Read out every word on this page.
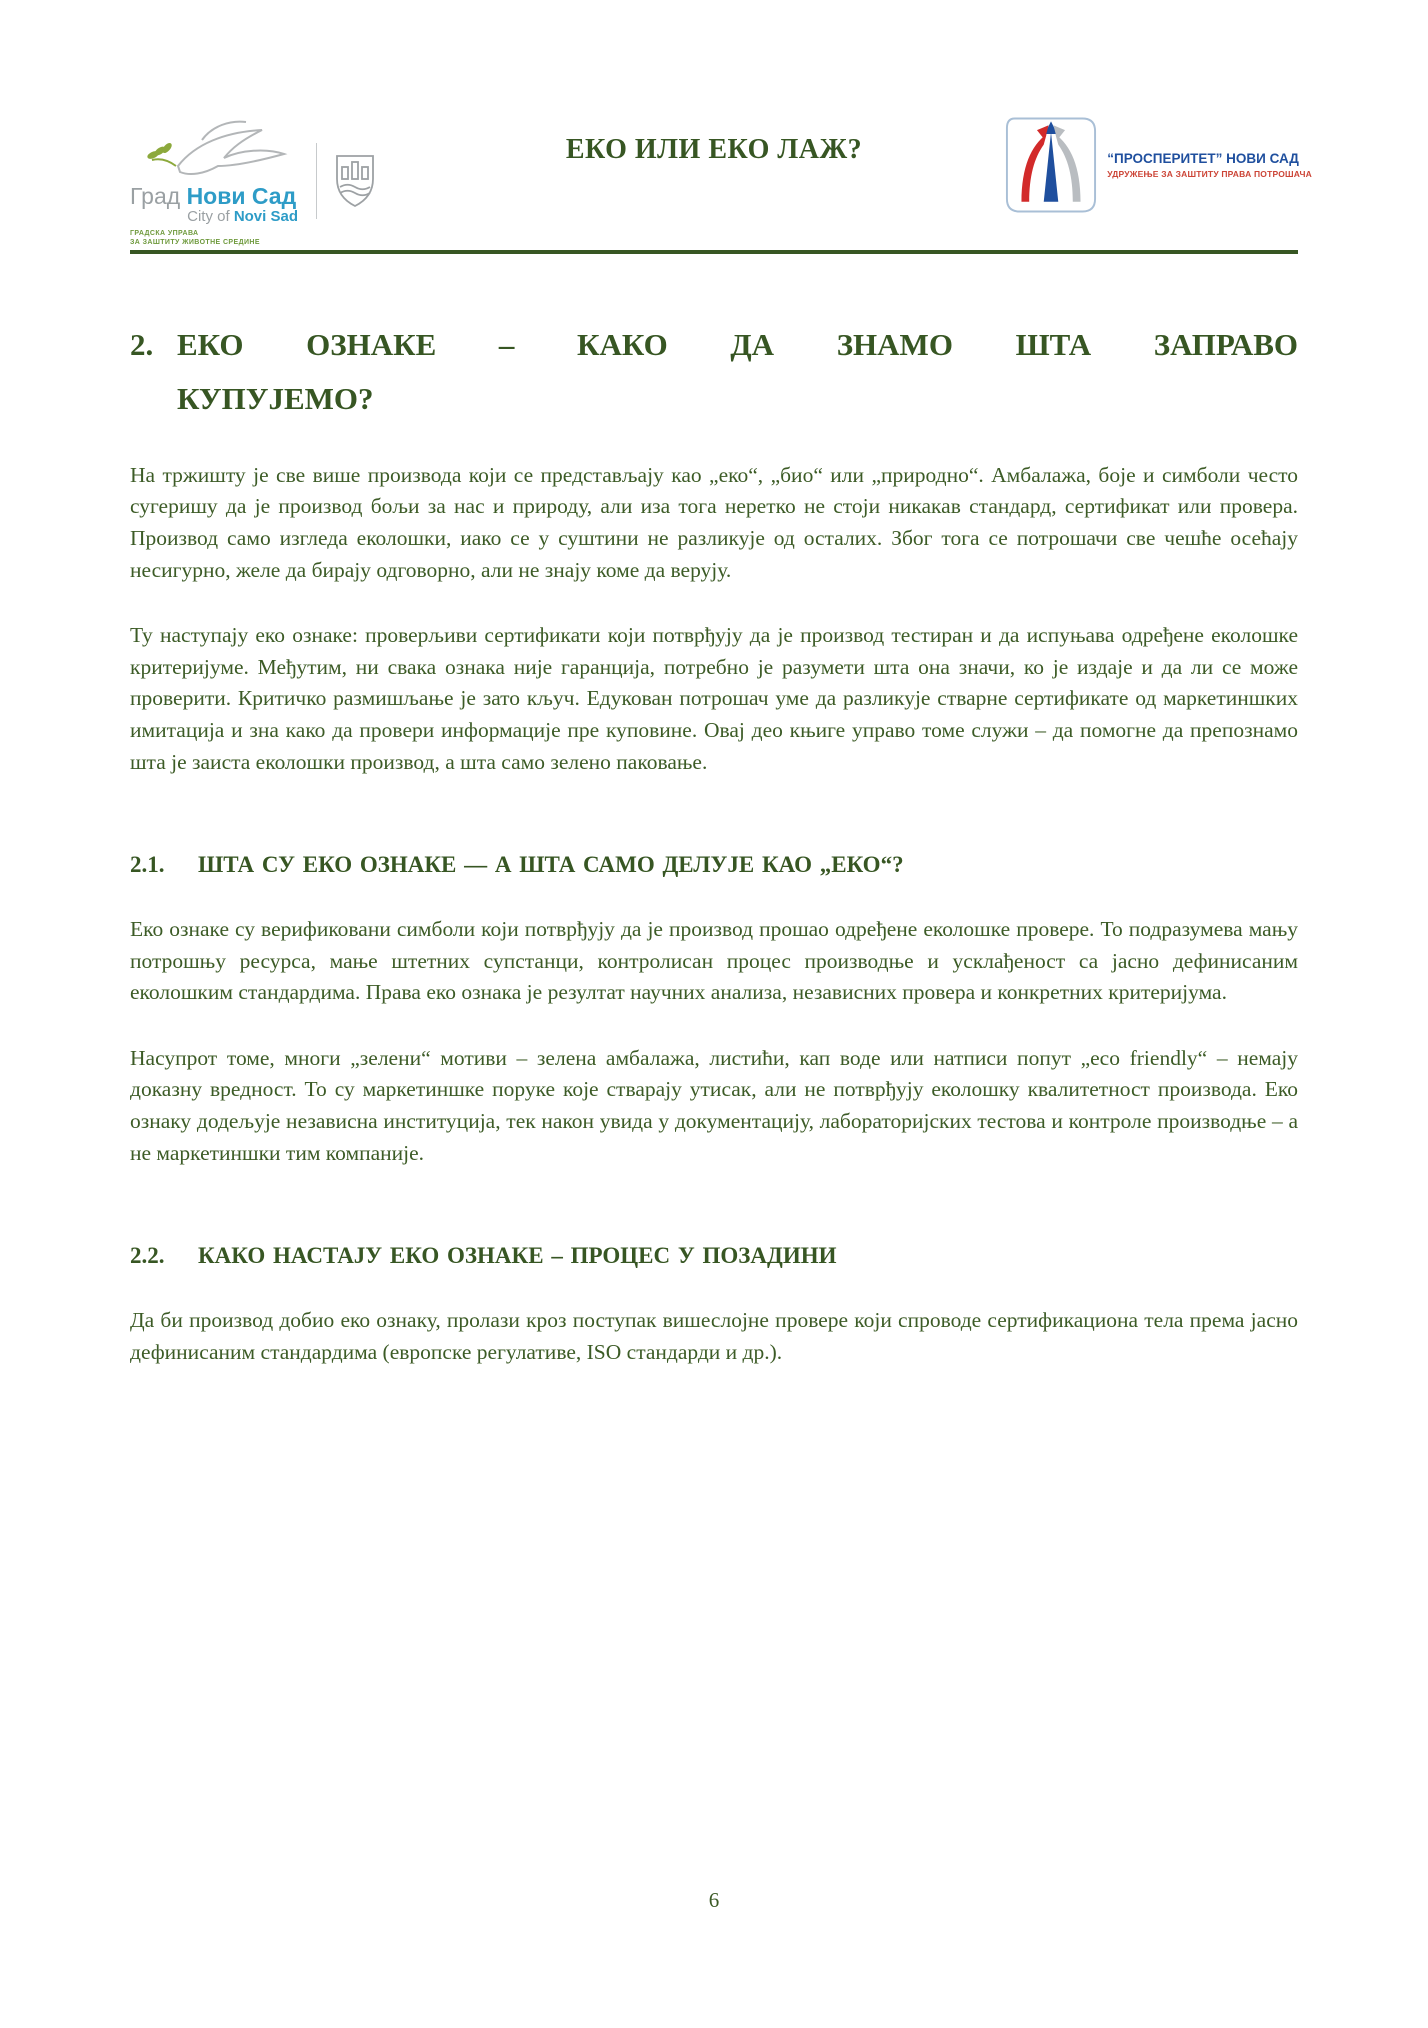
Град Нови Сад
City of Novi Sad
ГРАДСКА УПРАВА
ЗА ЗАШТИТУ ЖИВОТНЕ СРЕДИНЕ
ЕКО ИЛИ ЕКО ЛАЖ?	“ПРОСПЕРИТЕТ” НОВИ САД
УДРУЖЕЊЕ ЗА ЗАШТИТУ ПРАВА ПОТРОШАЧА
2. ЕКО ОЗНАКЕ – КАКО ДА ЗНАМО ШТА ЗАПРАВО КУПУЈЕМО?

На тржишту је све више производа који се представљају као „еко“, „био“ или „природно“. Амбалажа, боје и симболи често сугеришу да је производ бољи за нас и природу, али иза тога неретко не стоји никакав стандард, сертификат или провера. Производ само изгледа еколошки, иако се у суштини не разликује од осталих. Због тога се потрошачи све чешће осећају несигурно, желе да бирају одговорно, али не знају коме да верују.

Ту наступају еко ознаке: проверљиви сертификати који потврђују да је производ тестиран и да испуњава одређене еколошке критеријуме. Међутим, ни свака ознака није гаранција, потребно је разумети шта она значи, ко је издаје и да ли се може проверити. Критичко размишљање је зато кључ. Едукован потрошач уме да разликује стварне сертификате од маркетиншких имитација и зна како да провери информације пре куповине. Овај део књиге управо томе служи – да помогне да препознамо шта је заиста еколошки производ, а шта само зелено паковање.

2.1.	ШТА СУ ЕКО ОЗНАКЕ — А ШТА САМО ДЕЛУЈЕ КАО „ЕКО“?

Еко ознаке су верификовани симболи који потврђују да је производ прошао одређене еколошке провере. То подразумева мању потрошњу ресурса, мање штетних супстанци, контролисан процес производње и усклађеност са јасно дефинисаним еколошким стандардима. Права еко ознака је резултат научних анализа, независних провера и конкретних критеријума.

Насупрот томе, многи „зелени“ мотиви – зелена амбалажа, листићи, кап воде или натписи попут „eco friendly“ – немају доказну вредност. То су маркетиншке поруке које стварају утисак, али не потврђују еколошку квалитетност производа. Еко ознаку додељује независна институција, тек након увида у документацију, лабораторијских тестова и контроле производње – а не маркетиншки тим компаније.

2.2.	КАКО НАСТАЈУ ЕКО ОЗНАКЕ – ПРОЦЕС У ПОЗАДИНИ

Да би производ добио еко ознаку, пролази кроз поступак вишеслојне провере који спроводе сертификациона тела према јасно дефинисаним стандардима (европске регулативе, ISO стандарди и др.).

6
